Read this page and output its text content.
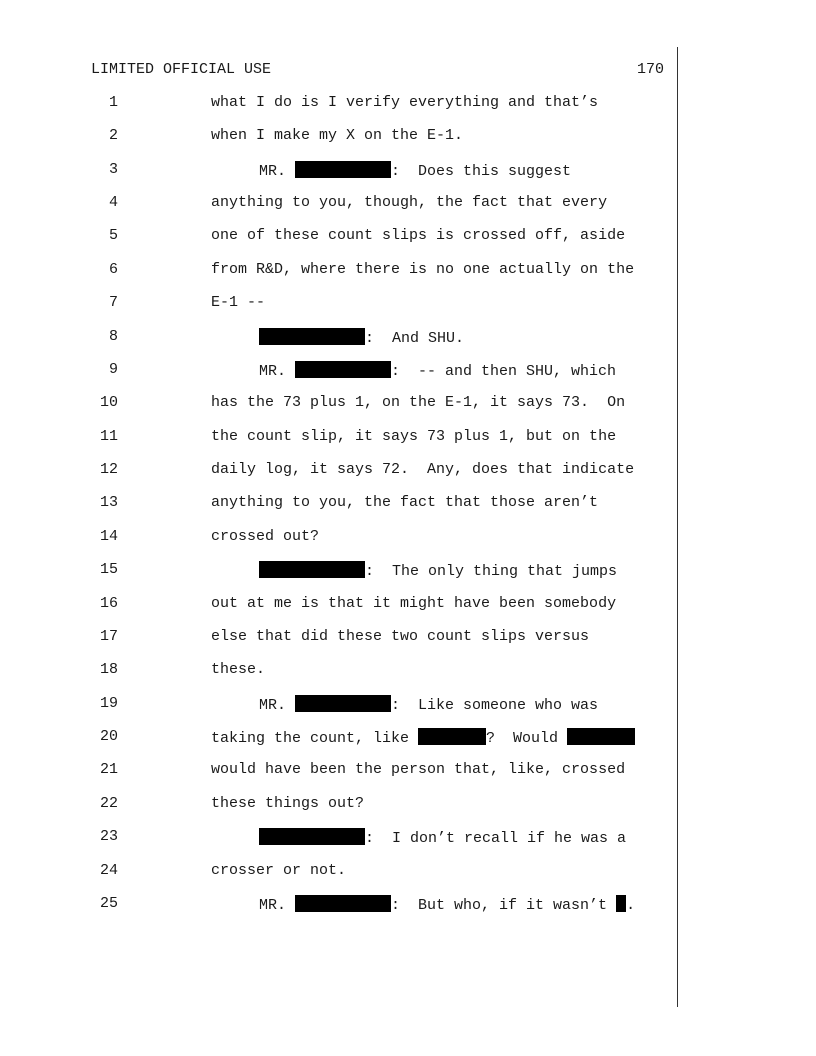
LIMITED OFFICIAL USE	170
1	what I do is I verify everything and that’s
2	when I make my X on the E-1.
3	MR.	:  Does this suggest
4	anything to you, though, the fact that every
5	one of these count slips is crossed off, aside
6	from R&D, where there is no one actually on the
7	E-1 --
8	:  And SHU.
9	MR.	:  -- and then SHU, which
10	has the 73 plus 1, on the E-1, it says 73.  On
11	the count slip, it says 73 plus 1, but on the
12	daily log, it says 72.  Any, does that indicate
13	anything to you, the fact that those aren’t
14	crossed out?
15	:  The only thing that jumps
16	out at me is that it might have been somebody
17	else that did these two count slips versus
18	these.
19	MR.	:  Like someone who was
20	taking the count, like	?  Would
21	would have been the person that, like, crossed
22	these things out?
23	:  I don’t recall if he was a
24	crosser or not.
25	MR.	:  But who, if it wasn’t .
